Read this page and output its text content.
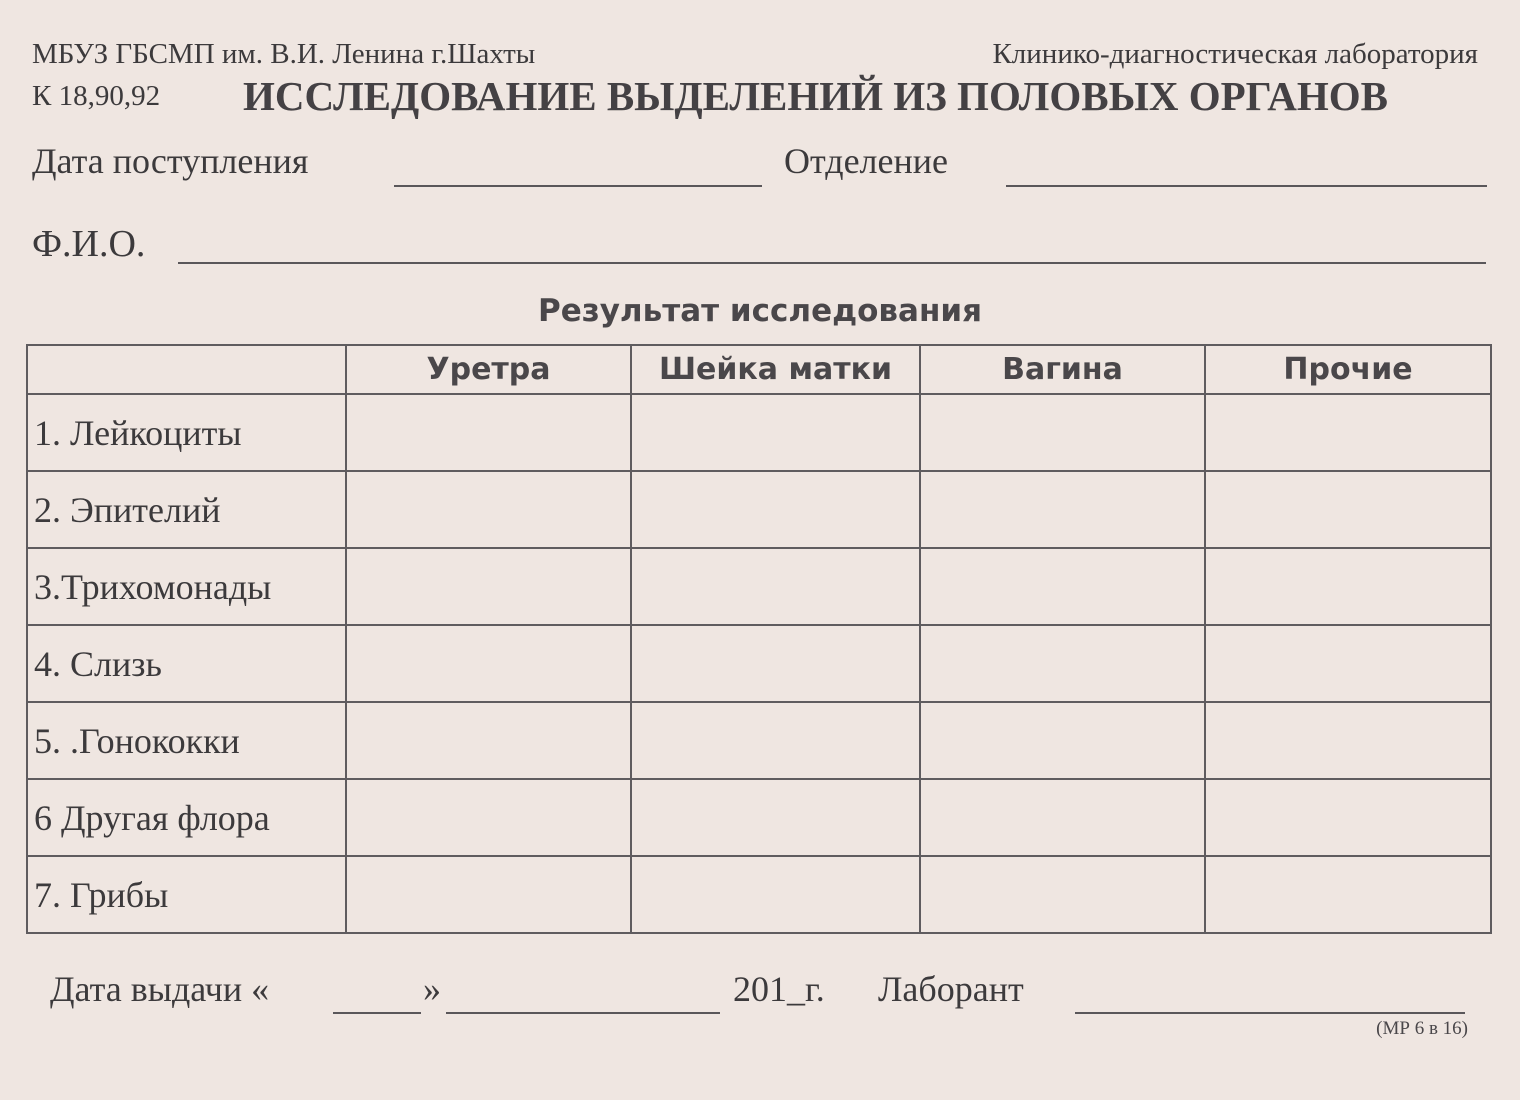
МБУЗ ГБСМП им. В.И. Ленина г.Шахты	Клинико-диагностическая лаборатория
К 18,90,92 ИССЛЕДОВАНИЕ ВЫДЕЛЕНИЙ ИЗ ПОЛОВЫХ ОРГАНОВ
Дата поступления	Отделение
Ф.И.О.
Результат исследования
	Уретра	Шейка матки	Вагина	Прочие
1. Лейкоциты				
2. Эпителий				
3.Трихомонады				
4. Слизь				
5. .Гонококки				
6 Другая флора				
7. Грибы				
Дата выдачи «	»	201_г. Лаборант
(МР 6 в 16)
